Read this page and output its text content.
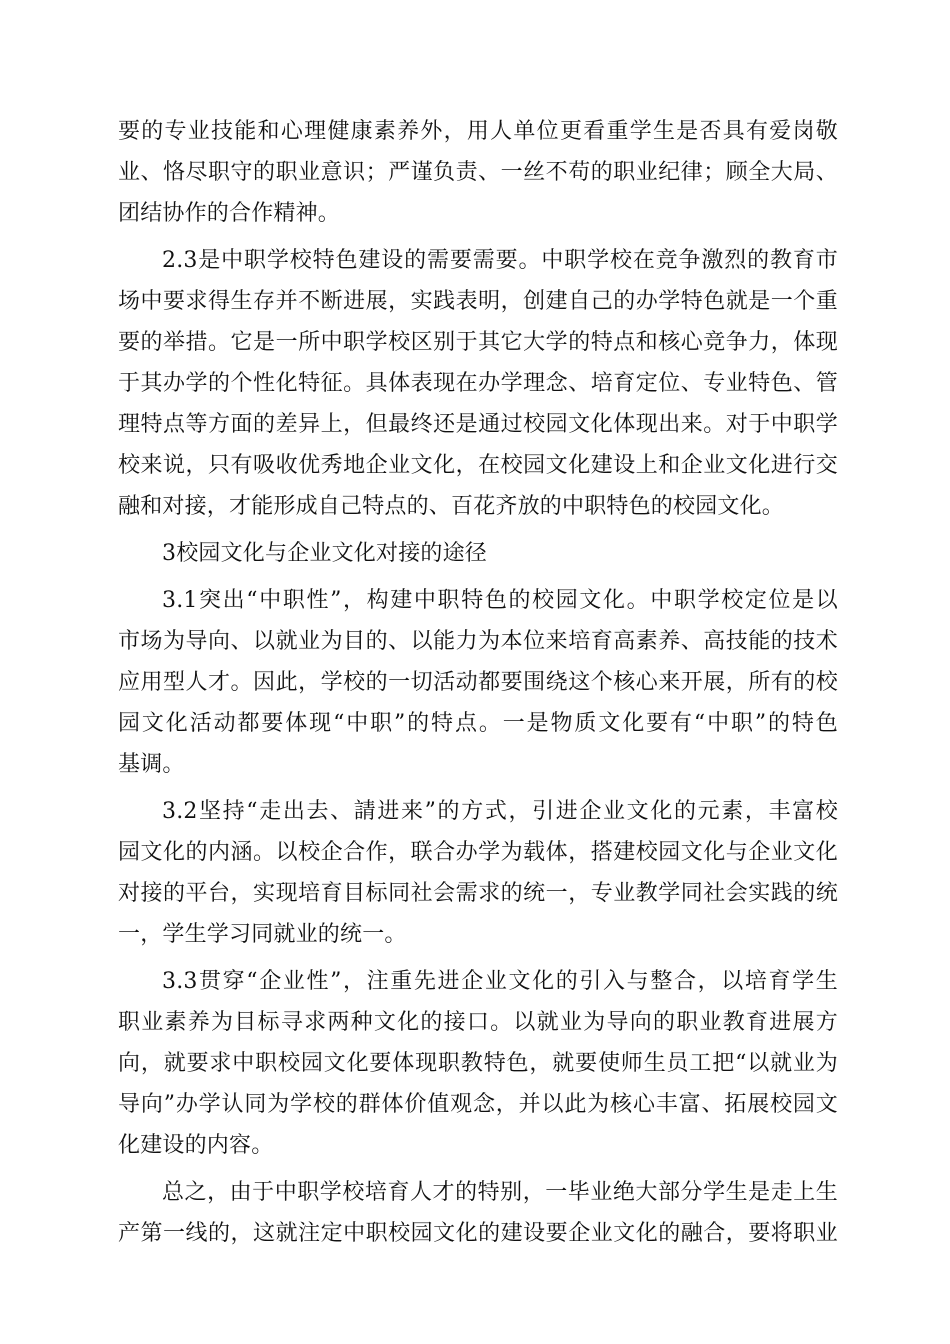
要的专业技能和心理健康素养外，用人单位更看重学生是否具有爱岗敬
业、恪尽职守的职业意识；严谨负责、一丝不苟的职业纪律；顾全大局、
团结协作的合作精神。
2.3是中职学校特色建设的需要需要。中职学校在竞争激烈的教育市
场中要求得生存并不断进展，实践表明，创建自己的办学特色就是一个重
要的举措。它是一所中职学校区别于其它大学的特点和核心竞争力，体现
于其办学的个性化特征。具体表现在办学理念、培育定位、专业特色、管
理特点等方面的差异上，但最终还是通过校园文化体现出来。对于中职学
校来说，只有吸收优秀地企业文化，在校园文化建设上和企业文化进行交
融和对接，才能形成自己特点的、百花齐放的中职特色的校园文化。
3校园文化与企业文化对接的途径
3.1突出“中职性”，构建中职特色的校园文化。中职学校定位是以
市场为导向、以就业为目的、以能力为本位来培育高素养、高技能的技术
应用型人才。因此，学校的一切活动都要围绕这个核心来开展，所有的校
园文化活动都要体现“中职”的特点。一是物质文化要有“中职”的特色
基调。
3.2坚持“走出去、請进来”的方式，引进企业文化的元素，丰富校
园文化的内涵。以校企合作，联合办学为载体，搭建校园文化与企业文化
对接的平台，实现培育目标同社会需求的统一，专业教学同社会实践的统
一，学生学习同就业的统一。
3.3贯穿“企业性”，注重先进企业文化的引入与整合，以培育学生
职业素养为目标寻求两种文化的接口。以就业为导向的职业教育进展方
向，就要求中职校园文化要体现职教特色，就要使师生员工把“以就业为
导向”办学认同为学校的群体价值观念，并以此为核心丰富、拓展校园文
化建设的内容。
总之，由于中职学校培育人才的特别，一毕业绝大部分学生是走上生
产第一线的，这就注定中职校园文化的建设要企业文化的融合，要将职业
